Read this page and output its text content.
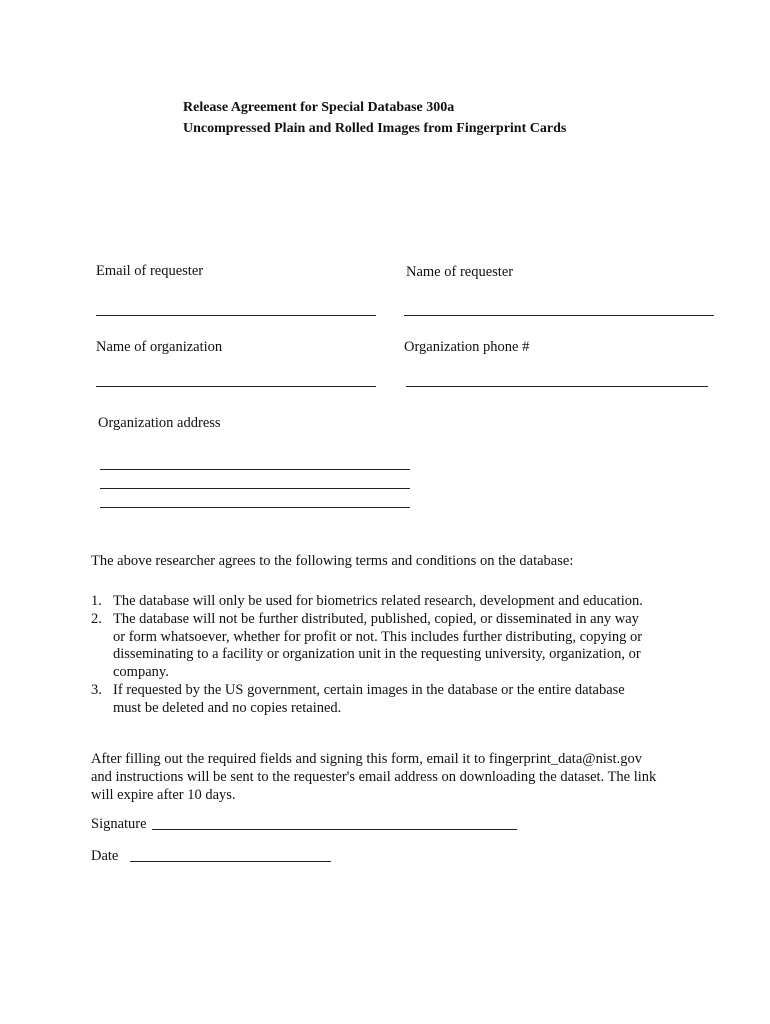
Release Agreement for Special Database 300a
Uncompressed Plain and Rolled Images from Fingerprint Cards
Email of requester	Name of requester
Name of organization	Organization phone #
Organization address
The above researcher agrees to the following terms and conditions on the database:
1. The database will only be used for biometrics related research, development and education.
2. The database will not be further distributed, published, copied, or disseminated in any way or form whatsoever, whether for profit or not. This includes further distributing, copying or disseminating to a facility or organization unit in the requesting university, organization, or company.
3. If requested by the US government, certain images in the database or the entire database must be deleted and no copies retained.
After filling out the required fields and signing this form, email it to fingerprint_data@nist.gov and instructions will be sent to the requester's email address on downloading the dataset. The link will expire after 10 days.
Signature
Date
